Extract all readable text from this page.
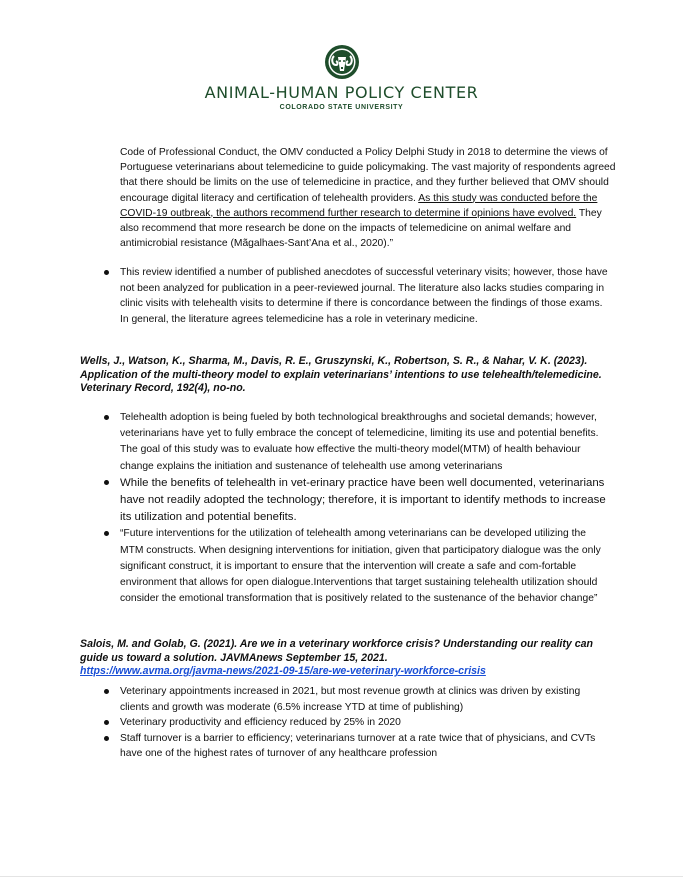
ANIMAL-HUMAN POLICY CENTER
COLORADO STATE UNIVERSITY

Code of Professional Conduct, the OMV conducted a Policy Delphi Study in 2018 to determine the views of Portuguese veterinarians about telemedicine to guide policymaking. The vast majority of respondents agreed that there should be limits on the use of telemedicine in practice, and they further believed that OMV should encourage digital literacy and certification of telehealth providers. As this study was conducted before the COVID-19 outbreak, the authors recommend further research to determine if opinions have evolved. They also recommend that more research be done on the impacts of telemedicine on animal welfare and antimicrobial resistance (Mãgalhaes-Sant’Ana et al., 2020).”

This review identified a number of published anecdotes of successful veterinary visits; however, those have not been analyzed for publication in a peer-reviewed journal. The literature also lacks studies comparing in clinic visits with telehealth visits to determine if there is concordance between the findings of those exams. In general, the literature agrees telemedicine has a role in veterinary medicine.
Wells, J., Watson, K., Sharma, M., Davis, R. E., Gruszynski, K., Robertson, S. R., & Nahar, V. K. (2023). Application of the multi-theory model to explain veterinarians’ intentions to use telehealth/telemedicine. Veterinary Record, 192(4), no-no.
Telehealth adoption is being fueled by both technological breakthroughs and societal demands; however, veterinarians have yet to fully embrace the concept of telemedicine, limiting its use and potential benefits. The goal of this study was to evaluate how effective the multi-theory model(MTM) of health behaviour change explains the initiation and sustenance of telehealth use among veterinarians
While the benefits of telehealth in vet-erinary practice have been well documented, veterinarians have not readily adopted the technology; therefore, it is important to identify methods to increase its utilization and potential benefits.
“Future interventions for the utilization of telehealth among veterinarians can be developed utilizing the MTM constructs. When designing interventions for initiation, given that participatory dialogue was the only significant construct, it is important to ensure that the intervention will create a safe and com-fortable environment that allows for open dialogue.Interventions that target sustaining telehealth utilization should consider the emotional transformation that is positively related to the sustenance of the behavior change”
Salois, M. and Golab, G. (2021). Are we in a veterinary workforce crisis? Understanding our reality can guide us toward a solution. JAVMAnews September 15, 2021.
https://www.avma.org/javma-news/2021-09-15/are-we-veterinary-workforce-crisis
Veterinary appointments increased in 2021, but most revenue growth at clinics was driven by existing clients and growth was moderate (6.5% increase YTD at time of publishing)
Veterinary productivity and efficiency reduced by 25% in 2020
Staff turnover is a barrier to efficiency; veterinarians turnover at a rate twice that of physicians, and CVTs have one of the highest rates of turnover of any healthcare profession
